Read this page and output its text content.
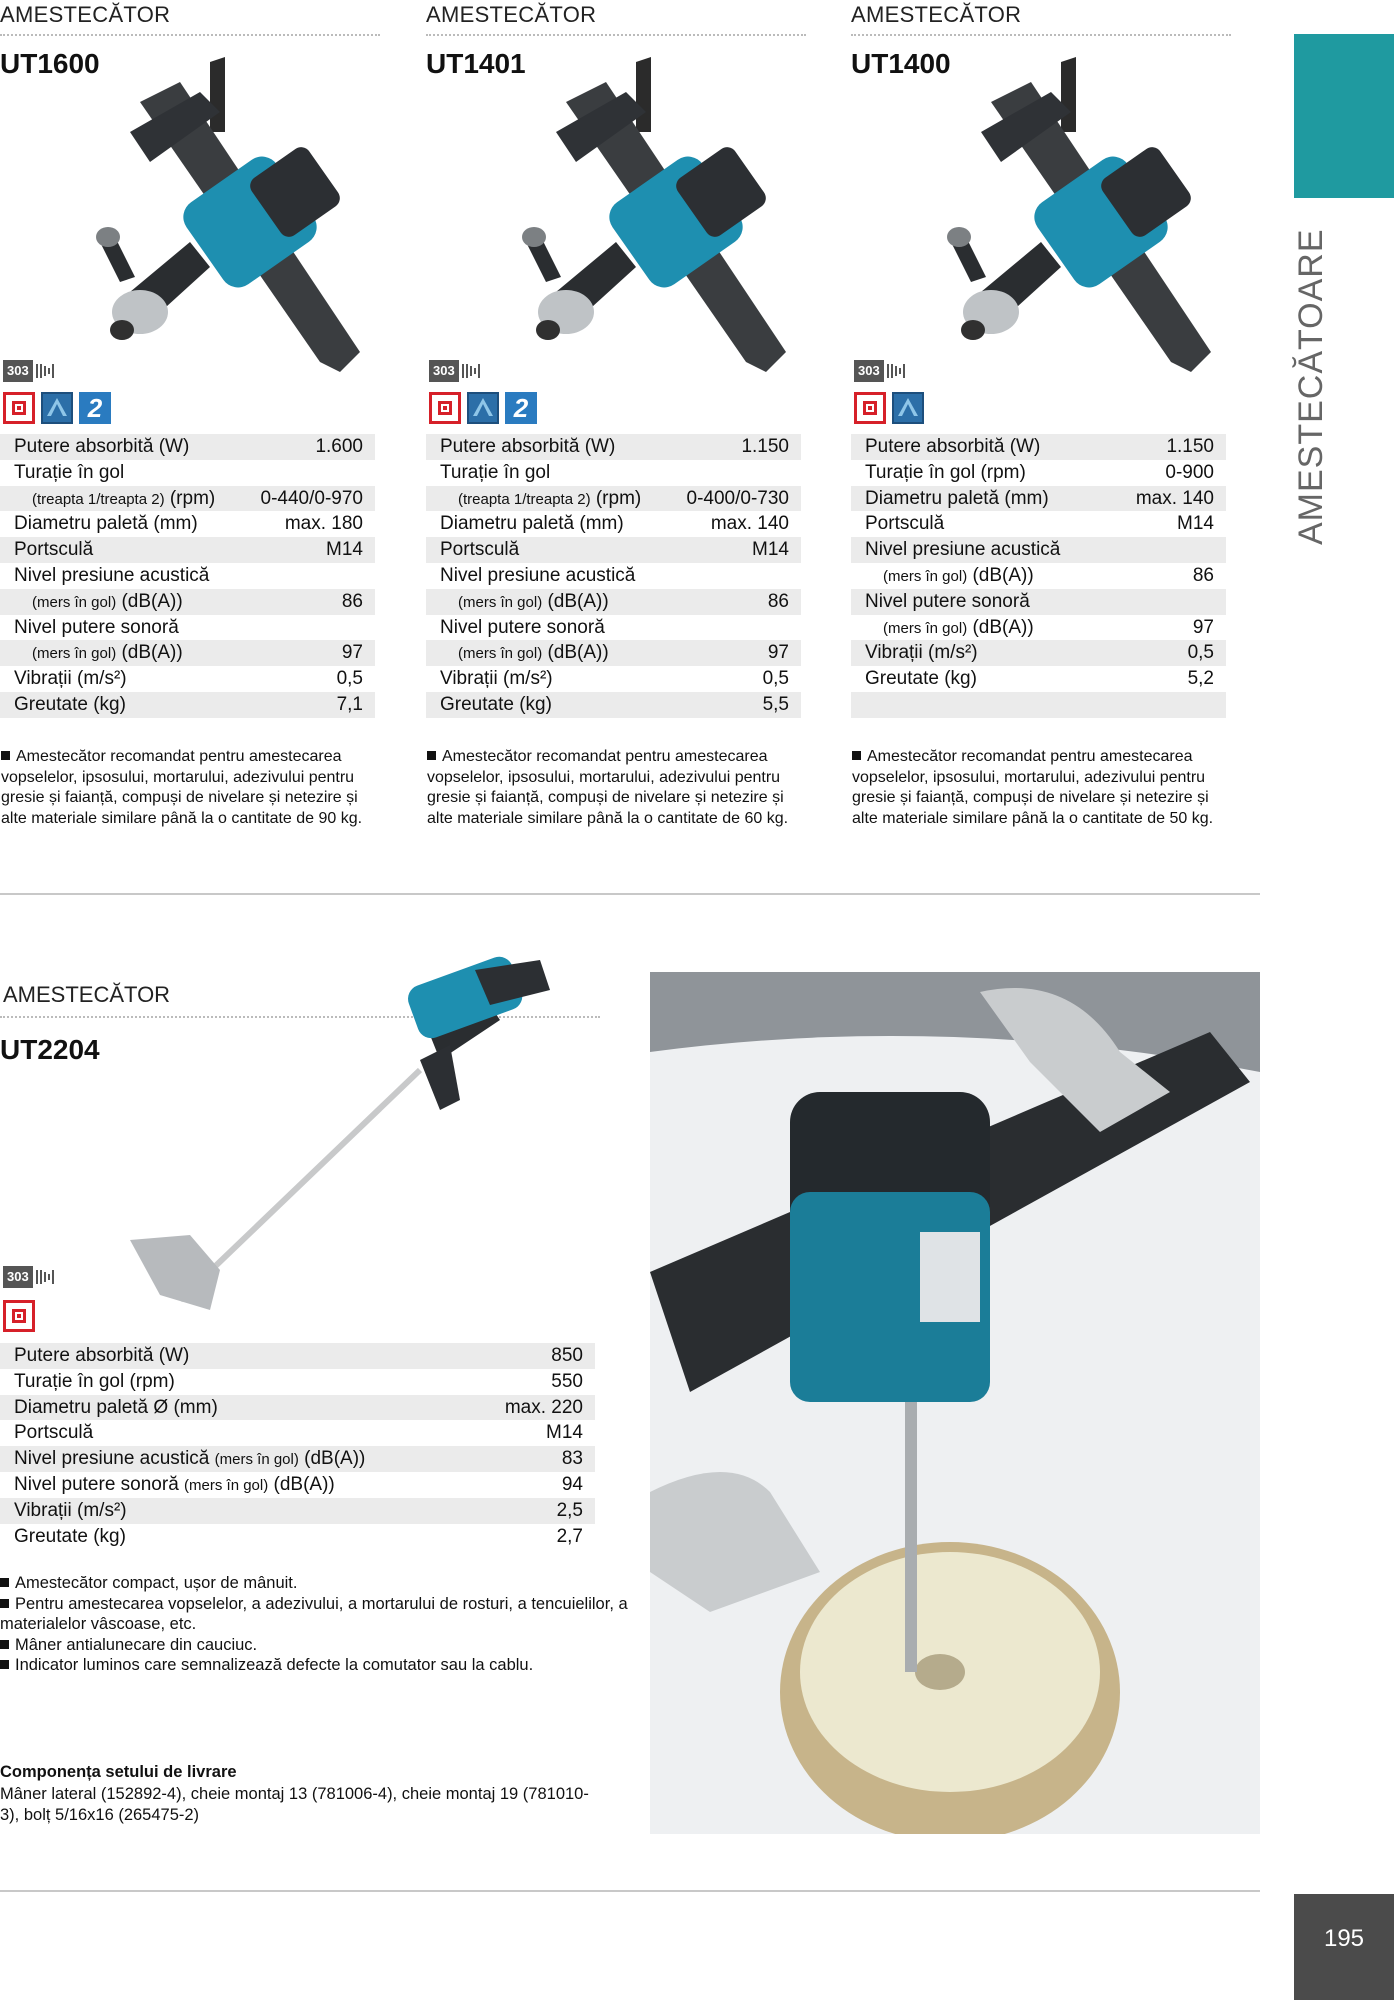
AMESTECĂTOR
UT1600
303
2
Putere absorbită (W)	1.600
Turație în gol
(treapta 1/treapta 2) (rpm) 0-440/0-970
Diametru paletă (mm)	max. 180
Portsculă	M14
Nivel presiune acustică
(mers în gol) (dB(A))	86
Nivel putere sonoră
(mers în gol) (dB(A))	97
Vibrații (m/s²)	0,5
Greutate (kg)	7,1
Amestecător recomandat pentru amestecarea vopselelor, ipsosului, mortarului, adezivului pentru gresie și faianță, compuși de nivelare și netezire și alte materiale similare până la o cantitate de 90 kg.
AMESTECĂTOR
UT1401
303
2
Putere absorbită (W)	1.150
Turație în gol
(treapta 1/treapta 2) (rpm) 0-400/0-730
Diametru paletă (mm)	max. 140
Portsculă	M14
Nivel presiune acustică
(mers în gol) (dB(A))	86
Nivel putere sonoră
(mers în gol) (dB(A))	97
Vibrații (m/s²)	0,5
Greutate (kg)	5,5
Amestecător recomandat pentru amestecarea vopselelor, ipsosului, mortarului, adezivului pentru gresie și faianță, compuși de nivelare și netezire și alte materiale similare până la o cantitate de 60 kg.
AMESTECĂTOR
UT1400
303
Putere absorbită (W)	1.150
Turație în gol (rpm)	0-900
Diametru paletă (mm)	max. 140
Portsculă	M14
Nivel presiune acustică
(mers în gol) (dB(A))	86
Nivel putere sonoră
(mers în gol) (dB(A))	97
Vibrații (m/s²)	0,5
Greutate (kg)	5,2
Amestecător recomandat pentru amestecarea vopselelor, ipsosului, mortarului, adezivului pentru gresie și faianță, compuși de nivelare și netezire și alte materiale similare până la o cantitate de 50 kg.
AMESTECĂTOR
UT2204
303
Putere absorbită (W)	850
Turație în gol (rpm)	550
Diametru paletă Ø (mm)	max. 220
Portsculă	M14
Nivel presiune acustică (mers în gol) (dB(A))	83
Nivel putere sonoră (mers în gol) (dB(A))	94
Vibrații (m/s²)	2,5
Greutate (kg)	2,7
Amestecător compact, ușor de mânuit.
Pentru amestecarea vopselelor, a adezivului, a mortarului de rosturi, a tencuielilor, a materialelor vâscoase, etc.
Mâner antialunecare din cauciuc.
Indicator luminos care semnalizează defecte la comutator sau la cablu.
Componența setului de livrare
Mâner lateral (152892-4), cheie montaj 13 (781006-4), cheie montaj 19 (781010-3), bolț 5/16x16 (265475-2)
AMESTECĂTOARE
195
